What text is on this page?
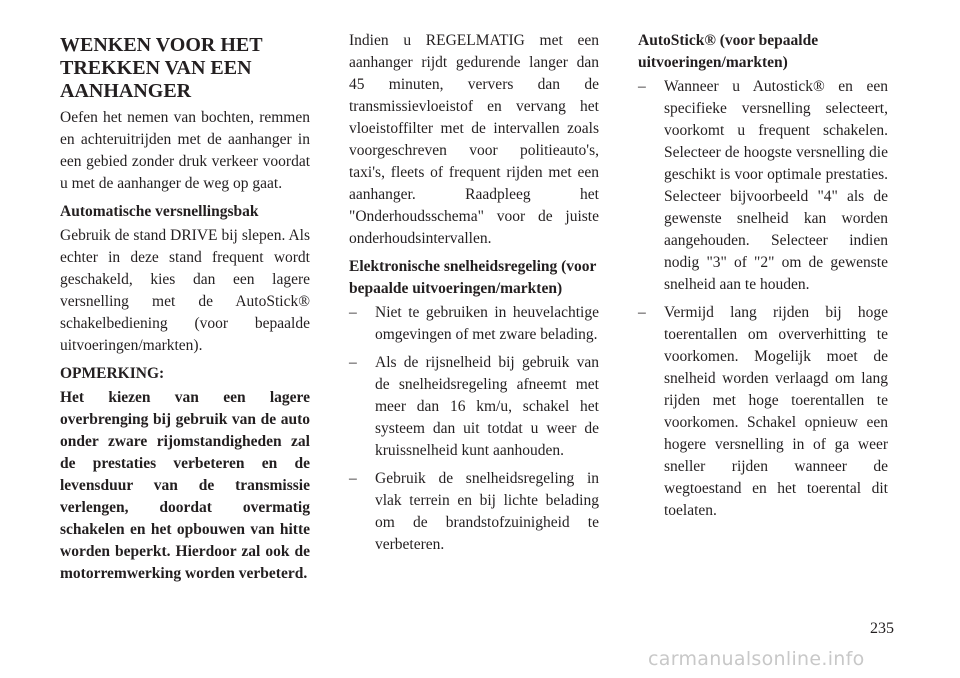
WENKEN VOOR HET TREKKEN VAN EEN AANHANGER
Oefen het nemen van bochten, remmen en achteruitrijden met de aanhanger in een gebied zonder druk verkeer voordat u met de aanhanger de weg op gaat.
Automatische versnellingsbak
Gebruik de stand DRIVE bij slepen. Als echter in deze stand frequent wordt geschakeld, kies dan een lagere versnelling met de AutoStick® schakelbediening (voor bepaalde uitvoeringen/markten).
OPMERKING:
Het kiezen van een lagere overbrenging bij gebruik van de auto onder zware rijomstandigheden zal de prestaties verbeteren en de levensduur van de transmissie verlengen, doordat overmatig schakelen en het opbouwen van hitte worden beperkt. Hierdoor zal ook de motorremwerking worden verbeterd.
Indien u REGELMATIG met een aanhanger rijdt gedurende langer dan 45 minuten, ververs dan de transmissievloeistof en vervang het vloeistoffilter met de intervallen zoals voorgeschreven voor politieauto's, taxi's, fleets of frequent rijden met een aanhanger. Raadpleeg het "Onderhoudsschema" voor de juiste onderhoudsintervallen.
Elektronische snelheidsregeling (voor bepaalde uitvoeringen/markten)
– Niet te gebruiken in heuvelachtige omgevingen of met zware belading.
– Als de rijsnelheid bij gebruik van de snelheidsregeling afneemt met meer dan 16 km/u, schakel het systeem dan uit totdat u weer de kruissnelheid kunt aanhouden.
– Gebruik de snelheidsregeling in vlak terrein en bij lichte belading om de brandstofzuinigheid te verbeteren.
AutoStick® (voor bepaalde uitvoeringen/markten)
– Wanneer u Autostick® en een specifieke versnelling selecteert, voorkomt u frequent schakelen. Selecteer de hoogste versnelling die geschikt is voor optimale prestaties. Selecteer bijvoorbeeld "4" als de gewenste snelheid kan worden aangehouden. Selecteer indien nodig "3" of "2" om de gewenste snelheid aan te houden.
– Vermijd lang rijden bij hoge toerentallen om oververhitting te voorkomen. Mogelijk moet de snelheid worden verlaagd om lang rijden met hoge toerentallen te voorkomen. Schakel opnieuw een hogere versnelling in of ga weer sneller rijden wanneer de wegtoestand en het toerental dit toelaten.
235
carmanualsonline.info
